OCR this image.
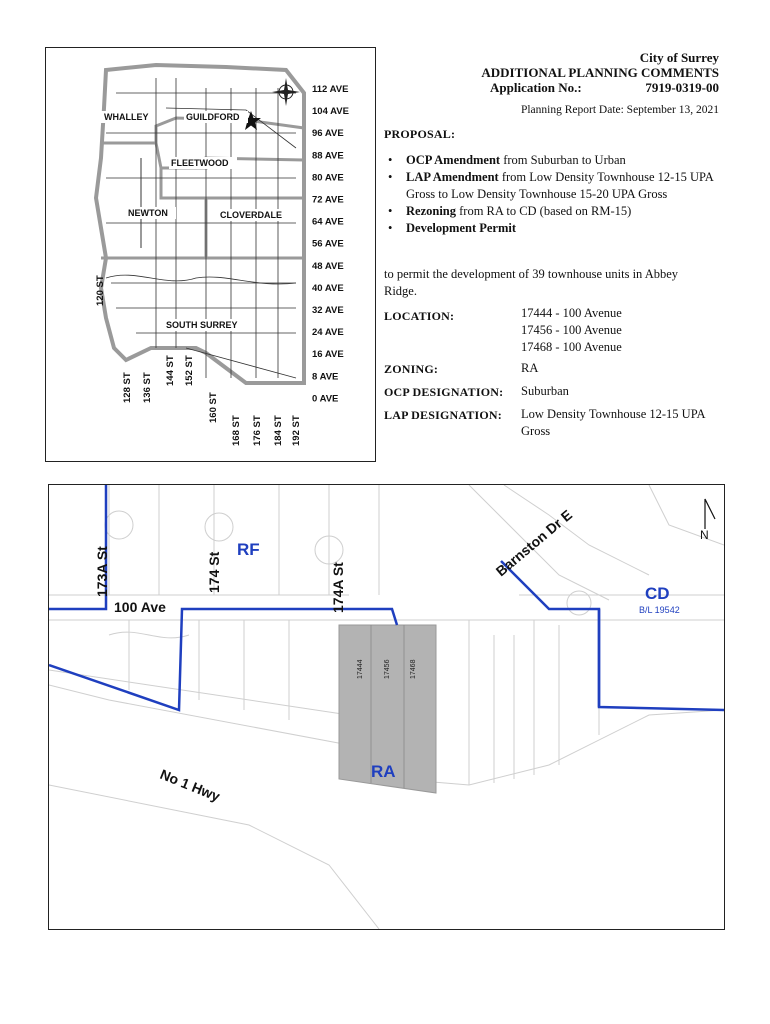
WHALLEY	GUILDFORD
FLEETWOOD
NEWTON	CLOVERDALE
SOUTH SURREY
112 AVE
104 AVE
96 AVE
88 AVE
80 AVE
72 AVE
64 AVE
56 AVE
48 AVE
40 AVE
32 AVE
24 AVE
16 AVE
8 AVE
0 AVE
128 ST 136 ST
144 ST 152 ST
160 ST
168 ST 176 ST 184 ST 192 ST
120 ST
City of Surrey
ADDITIONAL PLANNING COMMENTS
Application No.:	7919-0319-00
Planning Report Date: September 13, 2021
PROPOSAL:
• OCP Amendment from Suburban to Urban
• LAP Amendment from Low Density Townhouse 12-15 UPA Gross to Low Density Townhouse 15-20 UPA Gross
• Rezoning from RA to CD (based on RM-15)
• Development Permit
to permit the development of 39 townhouse units in Abbey Ridge.
LOCATION:	17444 - 100 Avenue
17456 - 100 Avenue
17468 - 100 Avenue
ZONING:	RA
OCP DESIGNATION: Suburban
LAP DESIGNATION: Low Density Townhouse 12-15 UPA
Gross
173A St	174 St	174A St
100 Ave
Barnston Dr E
No 1 Hwy
RF
CD
B/L 19542
RA
17444	17456	17468
N
